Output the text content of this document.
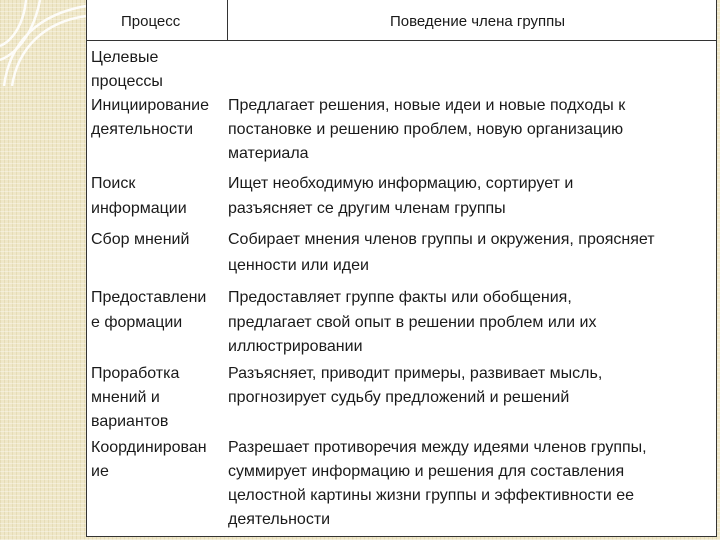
Процесс	Поведение члена группы
Целевые
процессы
Инициирование
деятельности
Предлагает решения, новые идеи и новые подходы к
постановке и решению проблем, новую организацию
материала
Поиск
информации
Ищет необходимую информацию, сортирует и
разъясняет се другим членам группы
Сбор мнений Собирает мнения членов группы и окружения, проясняет
ценности или идеи
Предоставлени
е формации
Предоставляет группе факты или обобщения,
предлагает свой опыт в решении проблем или их
иллюстрировании
Проработка
мнений и
вариантов
Разъясняет, приводит примеры, развивает мысль,
прогнозирует судьбу предложений и решений
Координирован
ие
Разрешает противоречия между идеями членов группы,
суммирует информацию и решения для составления
целостной картины жизни группы и эффективности ее
деятельности
